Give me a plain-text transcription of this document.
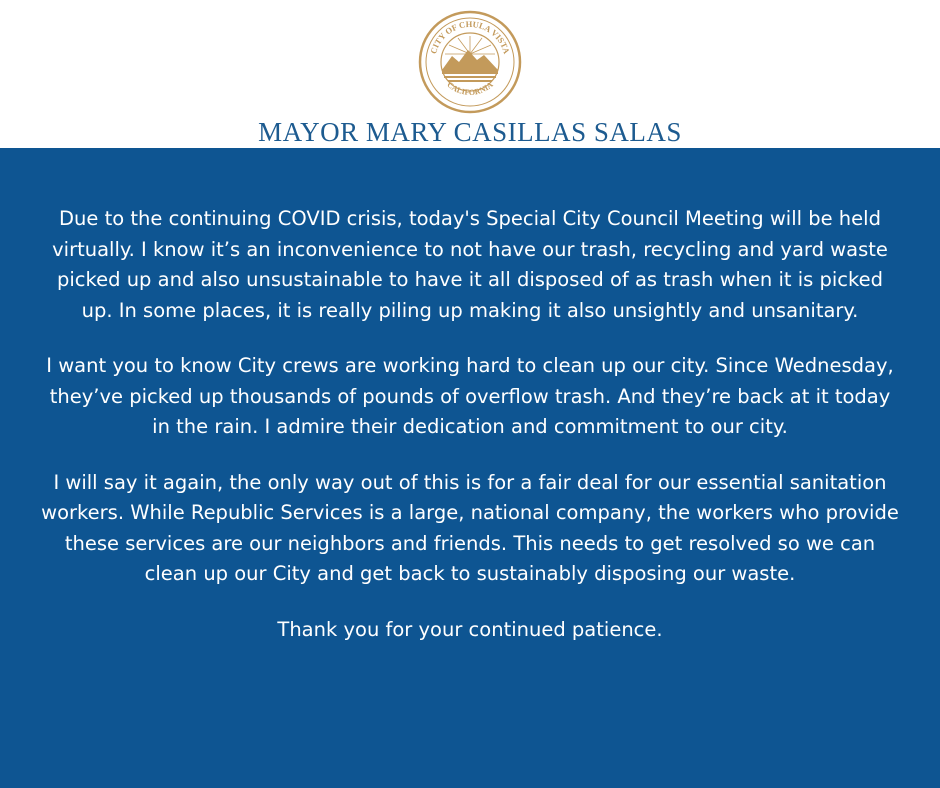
CITY OF CHULA VISTA
CALIFORNIA
MAYOR MARY CASILLAS SALAS

Due to the continuing COVID crisis, today's Special City Council Meeting will be held virtually. I know it’s an inconvenience to not have our trash, recycling and yard waste picked up and also unsustainable to have it all disposed of as trash when it is picked up. In some places, it is really piling up making it also unsightly and unsanitary.

I want you to know City crews are working hard to clean up our city. Since Wednesday, they’ve picked up thousands of pounds of overflow trash. And they’re back at it today in the rain. I admire their dedication and commitment to our city.

I will say it again, the only way out of this is for a fair deal for our essential sanitation workers. While Republic Services is a large, national company, the workers who provide these services are our neighbors and friends. This needs to get resolved so we can clean up our City and get back to sustainably disposing our waste.

Thank you for your continued patience.
